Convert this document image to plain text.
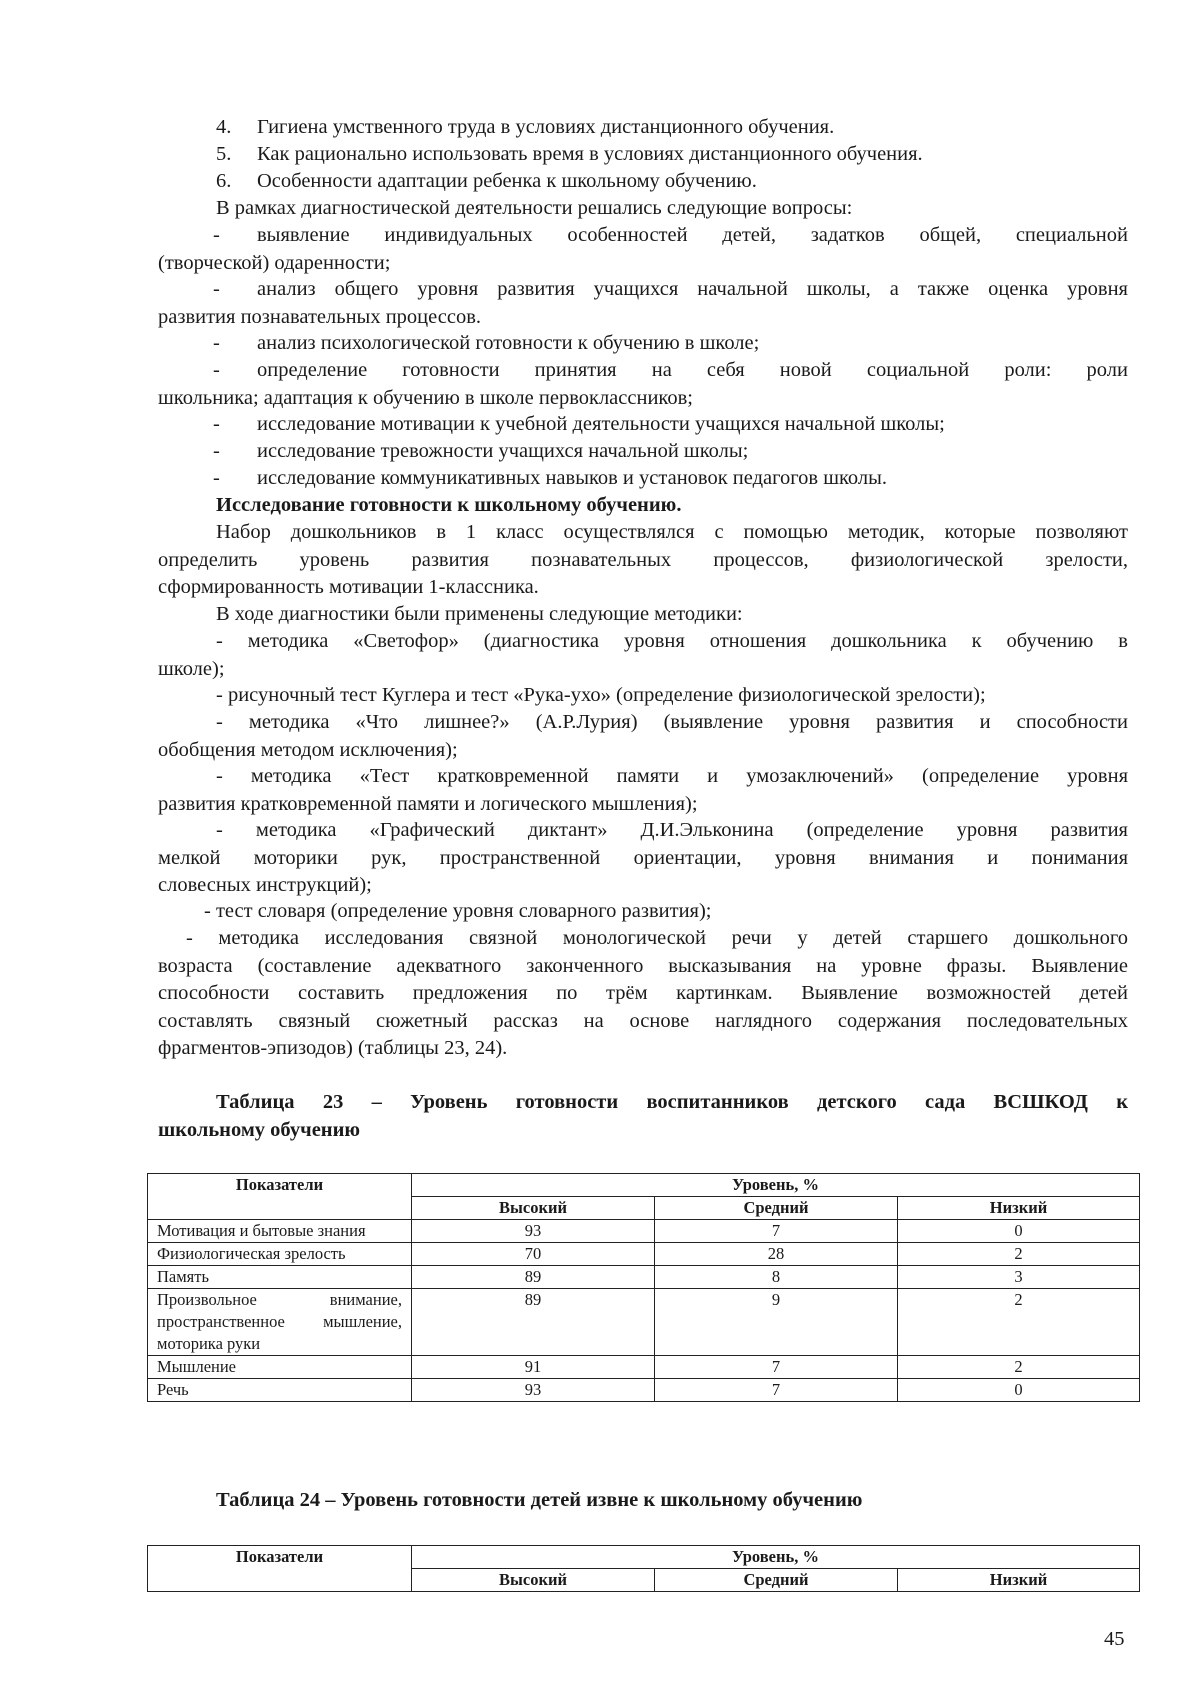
4.	Гигиена умственного труда в условиях дистанционного обучения.
5.	Как рационально использовать время в условиях дистанционного обучения.
6.	Особенности адаптации ребенка к школьному обучению.
В рамках диагностической деятельности решались следующие вопросы:
- выявление индивидуальных особенностей детей, задатков общей, специальной
(творческой) одаренности;
- анализ общего уровня развития учащихся начальной школы, а также оценка уровня
развития познавательных процессов.
- анализ психологической готовности к обучению в школе;
- определение готовности принятия на себя новой социальной роли: роли
школьника; адаптация к обучению в школе первоклассников;
- исследование мотивации к учебной деятельности учащихся начальной школы;
- исследование тревожности учащихся начальной школы;
- исследование коммуникативных навыков и установок педагогов школы.
Исследование готовности к школьному обучению.
Набор дошкольников в 1 класс осуществлялся с помощью методик, которые позволяют
определить уровень развития познавательных процессов, физиологической зрелости,
сформированность мотивации 1-классника.
В ходе диагностики были применены следующие методики:
- методика «Светофор» (диагностика уровня отношения дошкольника к обучению в
школе);
- рисуночный тест Куглера и тест «Рука-ухо» (определение физиологической зрелости);
- методика «Что лишнее?» (А.Р.Лурия) (выявление уровня развития и способности
обобщения методом исключения);
- методика «Тест кратковременной памяти и умозаключений» (определение уровня
развития кратковременной памяти и логического мышления);
- методика «Графический диктант» Д.И.Эльконина (определение уровня развития
мелкой моторики рук, пространственной ориентации, уровня внимания и понимания
словесных инструкций);
- тест словаря (определение уровня словарного развития);
- методика исследования связной монологической речи у детей старшего дошкольного
возраста (составление адекватного законченного высказывания на уровне фразы. Выявление
способности составить предложения по трём картинкам. Выявление возможностей детей
составлять связный сюжетный рассказ на основе наглядного содержания последовательных
фрагментов-эпизодов) (таблицы 23, 24).
Таблица 23 – Уровень готовности воспитанников детского сада ВСШКОД к
школьному обучению
Показатели	Уровень, %		
	Высокий	Средний	Низкий
Мотивация и бытовые знания	93	7	0
Физиологическая зрелость	70	28	2
Память	89	8	3
Произвольное внимание, пространственное мышление, моторика руки	89	9	2
Мышление	91	7	2
Речь	93	7	0
Таблица 24 – Уровень готовности детей извне к школьному обучению
Показатели	Уровень, %		
	Высокий	Средний	Низкий
45
